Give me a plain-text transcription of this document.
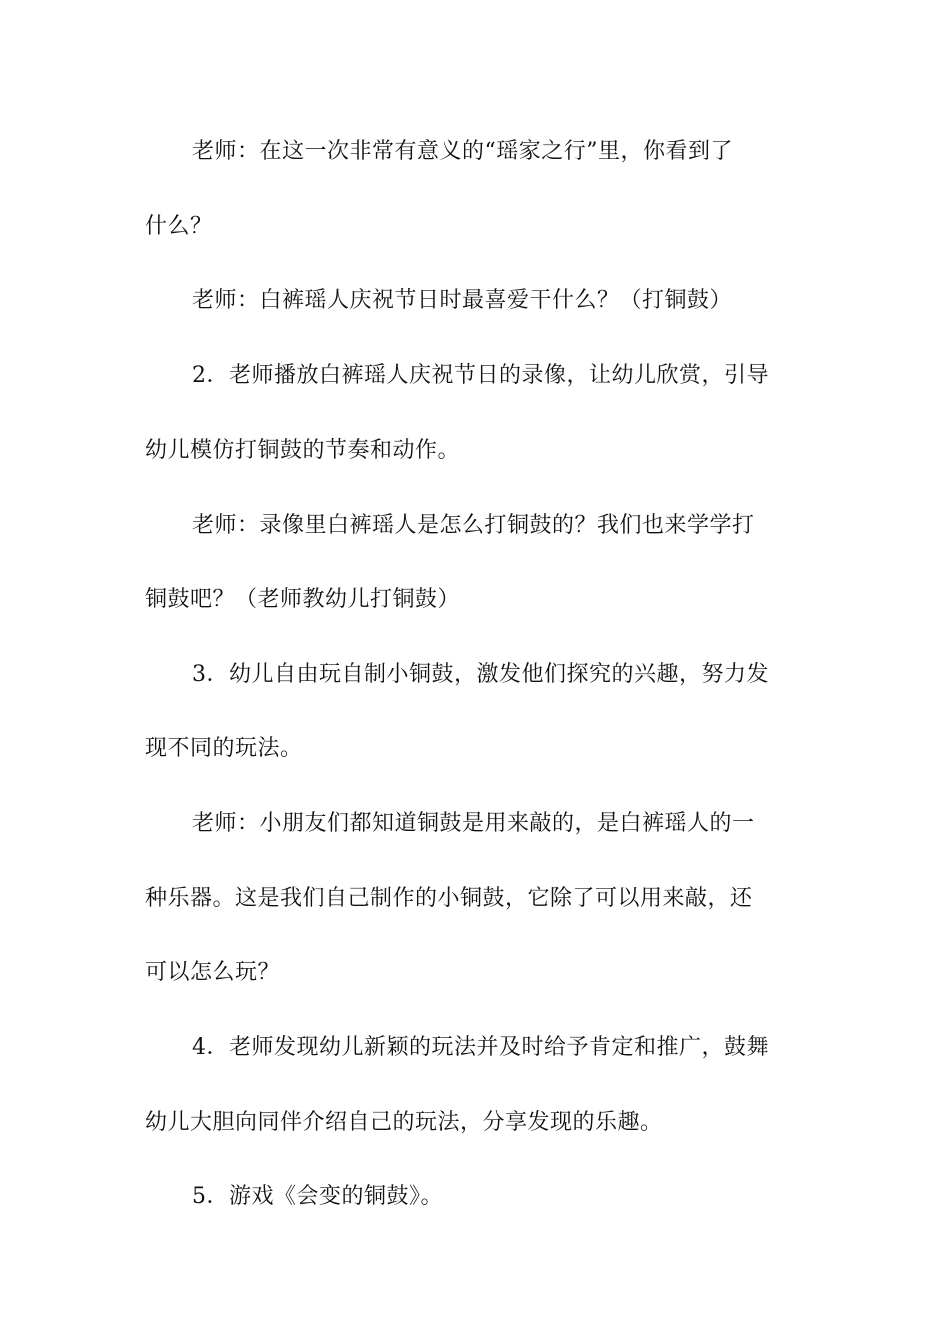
老师：在这一次非常有意义的“瑶家之行”里，你看到了
什么？
老师：白裤瑶人庆祝节日时最喜爱干什么？（打铜鼓）
2．老师播放白裤瑶人庆祝节日的录像，让幼儿欣赏，引导
幼儿模仿打铜鼓的节奏和动作。
老师：录像里白裤瑶人是怎么打铜鼓的？我们也来学学打
铜鼓吧？（老师教幼儿打铜鼓）
3．幼儿自由玩自制小铜鼓，激发他们探究的兴趣，努力发
现不同的玩法。
老师：小朋友们都知道铜鼓是用来敲的，是白裤瑶人的一
种乐器。这是我们自己制作的小铜鼓，它除了可以用来敲，还
可以怎么玩？
4．老师发现幼儿新颖的玩法并及时给予肯定和推广，鼓舞
幼儿大胆向同伴介绍自己的玩法，分享发现的乐趣。
5．游戏《会变的铜鼓》。
